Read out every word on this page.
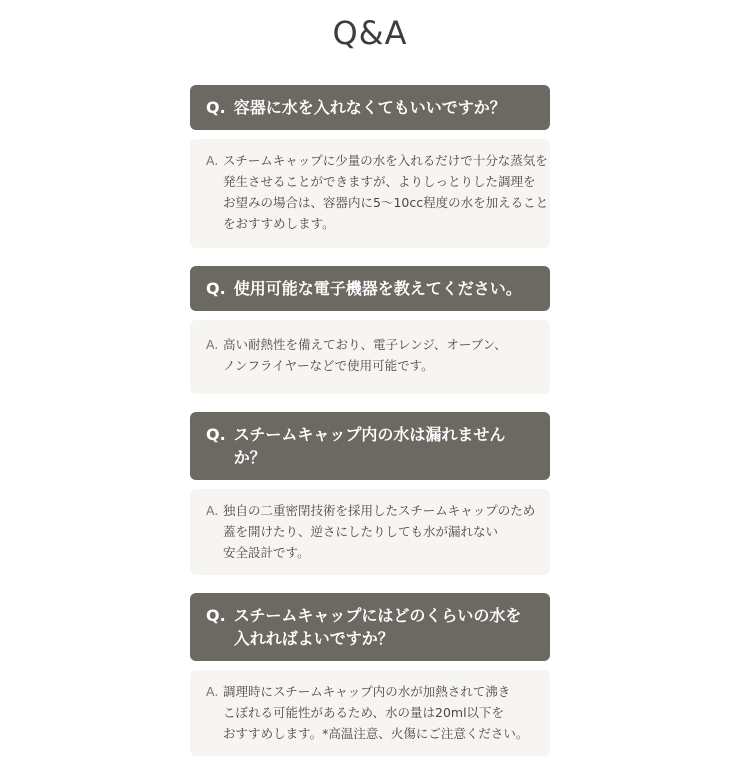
Q&A
Q. 容器に水を入れなくてもいいですか？
A. スチームキャップに少量の水を入れるだけで十分な蒸気を
発生させることができますが、よりしっとりした調理を
お望みの場合は、容器内に5〜10cc程度の水を加えること
をおすすめします。
Q. 使用可能な電子機器を教えてください。
A. 高い耐熱性を備えており、電子レンジ、オーブン、
ノンフライヤーなどで使用可能です。
Q. スチームキャップ内の水は漏れませんか？
A. 独自の二重密閉技術を採用したスチームキャップのため
蓋を開けたり、逆さにしたりしても水が漏れない
安全設計です。
Q. スチームキャップにはどのくらいの水を入れればよいですか？
A. 調理時にスチームキャップ内の水が加熱されて沸き
こぼれる可能性があるため、水の量は20ml以下を
おすすめします。*高温注意、火傷にご注意ください。
